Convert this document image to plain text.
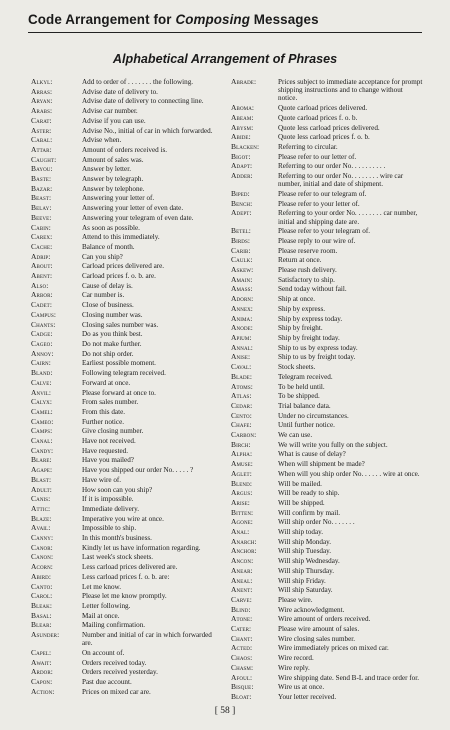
Code Arrangement for Composing Messages
Alphabetical Arrangement of Phrases
Alkyl:	Add to order of . . . . . . . the following.
Arras:	Advise date of delivery to.
Aryan:	Advise date of delivery to connecting line.
Arabs:	Advise car number.
Carat:	Advise if you can use.
Aster:	Advise No., initial of car in which forwarded.
Cabal:	Advise when.
Attar:	Amount of orders received is.
Caught:	Amount of sales was.
Bayou:	Answer by letter.
Baste:	Answer by telegraph.
Bazar:	Answer by telephone.
Beast:	Answering your letter of.
Belay:	Answering your letter of even date.
Beeve:	Answering your telegram of even date.
Cabin:	As soon as possible.
Carex:	Attend to this immediately.
Cache:	Balance of month.
Adrip:	Can you ship?
About:	Carload prices delivered are.
Abent:	Carload prices f. o. b. are.
Also:	Cause of delay is.
Arbor:	Car number is.
Cadet:	Close of business.
Campus:	Closing number was.
Chants:	Closing sales number was.
Cadge:	Do as you think best.
Cageo:	Do not make further.
Annoy:	Do not ship order.
Cairn:	Earliest possible moment.
Bland:	Following telegram received.
Calve:	Forward at once.
Anvil:	Please forward at once to.
Calyx:	From sales number.
Camel:	From this date.
Cameo:	Further notice.
Camps:	Give closing number.
Canal:	Have not received.
Candy:	Have requested.
Blare:	Have you mailed?
Agape:	Have you shipped our order No. . . . . ?
Blast:	Have wire of.
Adult:	How soon can you ship?
Canis:	If it is impossible.
Attic:	Immediate delivery.
Blaze:	Imperative you wire at once.
Avail:	Impossible to ship.
Canny:	In this month's business.
Canor:	Kindly let us have information regarding.
Canon:	Last week's stock sheets.
Acorn:	Less carload prices delivered are.
Abird:	Less carload prices f. o. b. are:
Canto:	Let me know.
Carol:	Please let me know promptly.
Bleak:	Letter following.
Basal:	Mail at once.
Blear:	Mailing confirmation.
Asunder:	Number and initial of car in which forwarded are.
Capel:	On account of.
Await:	Orders received today.
Ardor:	Orders received yesterday.
Capon:	Past due account.
Action:	Prices on mixed car are.
Abrade:	Prices subject to immediate acceptance for prompt shipping instructions and to change without notice.
Aboma:	Quote carload prices delivered.
Abeam:	Quote carload prices f. o. b.
Abysm:	Quote less carload prices delivered.
Abide:	Quote less carload prices f. o. b.
Blacken:	Referring to circular.
Bigot:	Please refer to our letter of.
Adapt:	Referring to our order No. . . . . . . . . .
Adder:	Referring to our order No. . . . . . . . wire car number, initial and date of shipment.
Biped:	Please refer to our telegram of.
Bench:	Please refer to your letter of.
Adept:	Referring to your order No. . . . . . . . car number, initial and shipping date are.
Betel:	Please refer to your telegram of.
Birds:	Please reply to our wire of.
Carib:	Please reserve room.
Caulk:	Return at once.
Askew:	Please rush delivery.
Amain:	Satisfactory to ship.
Amass:	Send today without fail.
Adorn:	Ship at once.
Annex:	Ship by express.
Anima:	Ship by express today.
Anode:	Ship by freight.
Apium:	Ship by freight today.
Annal:	Ship to us by express today.
Anise:	Ship to us by freight today.
Caval:	Stock sheets.
Blade:	Telegram received.
Atoms:	To be held until.
Atlas:	To be shipped.
Cedar:	Trial balance data.
Cento:	Under no circumstances.
Chafe:	Until further notice.
Carbon:	We can use.
Birch:	We will write you fully on the subject.
Alpha:	What is cause of delay?
Amuse:	When will shipment be made?
Aglet:	When will you ship order No. . . . . . wire at once.
Blend:	Will be mailed.
Argus:	Will be ready to ship.
Arise:	Will be shipped.
Bitten:	Will confirm by mail.
Agone:	Will ship order No. . . . . . .
Anal:	Will ship today.
Anarch:	Will ship Monday.
Anchor:	Will ship Tuesday.
Ancon:	Will ship Wednesday.
Anear:	Will ship Thursday.
Aneal:	Will ship Friday.
Anent:	Will ship Saturday.
Carve:	Please wire.
Blind:	Wire acknowledgment.
Atone:	Wire amount of orders received.
Cater:	Please wire amount of sales.
Chant:	Wire closing sales number.
Acted:	Wire immediately prices on mixed car.
Chaos:	Wire record.
Chasm:	Wire reply.
Afoul:	Wire shipping date. Send B-L and trace order for.
Bisque:	Wire us at once.
Bloat:	Your letter received.
[ 58 ]
